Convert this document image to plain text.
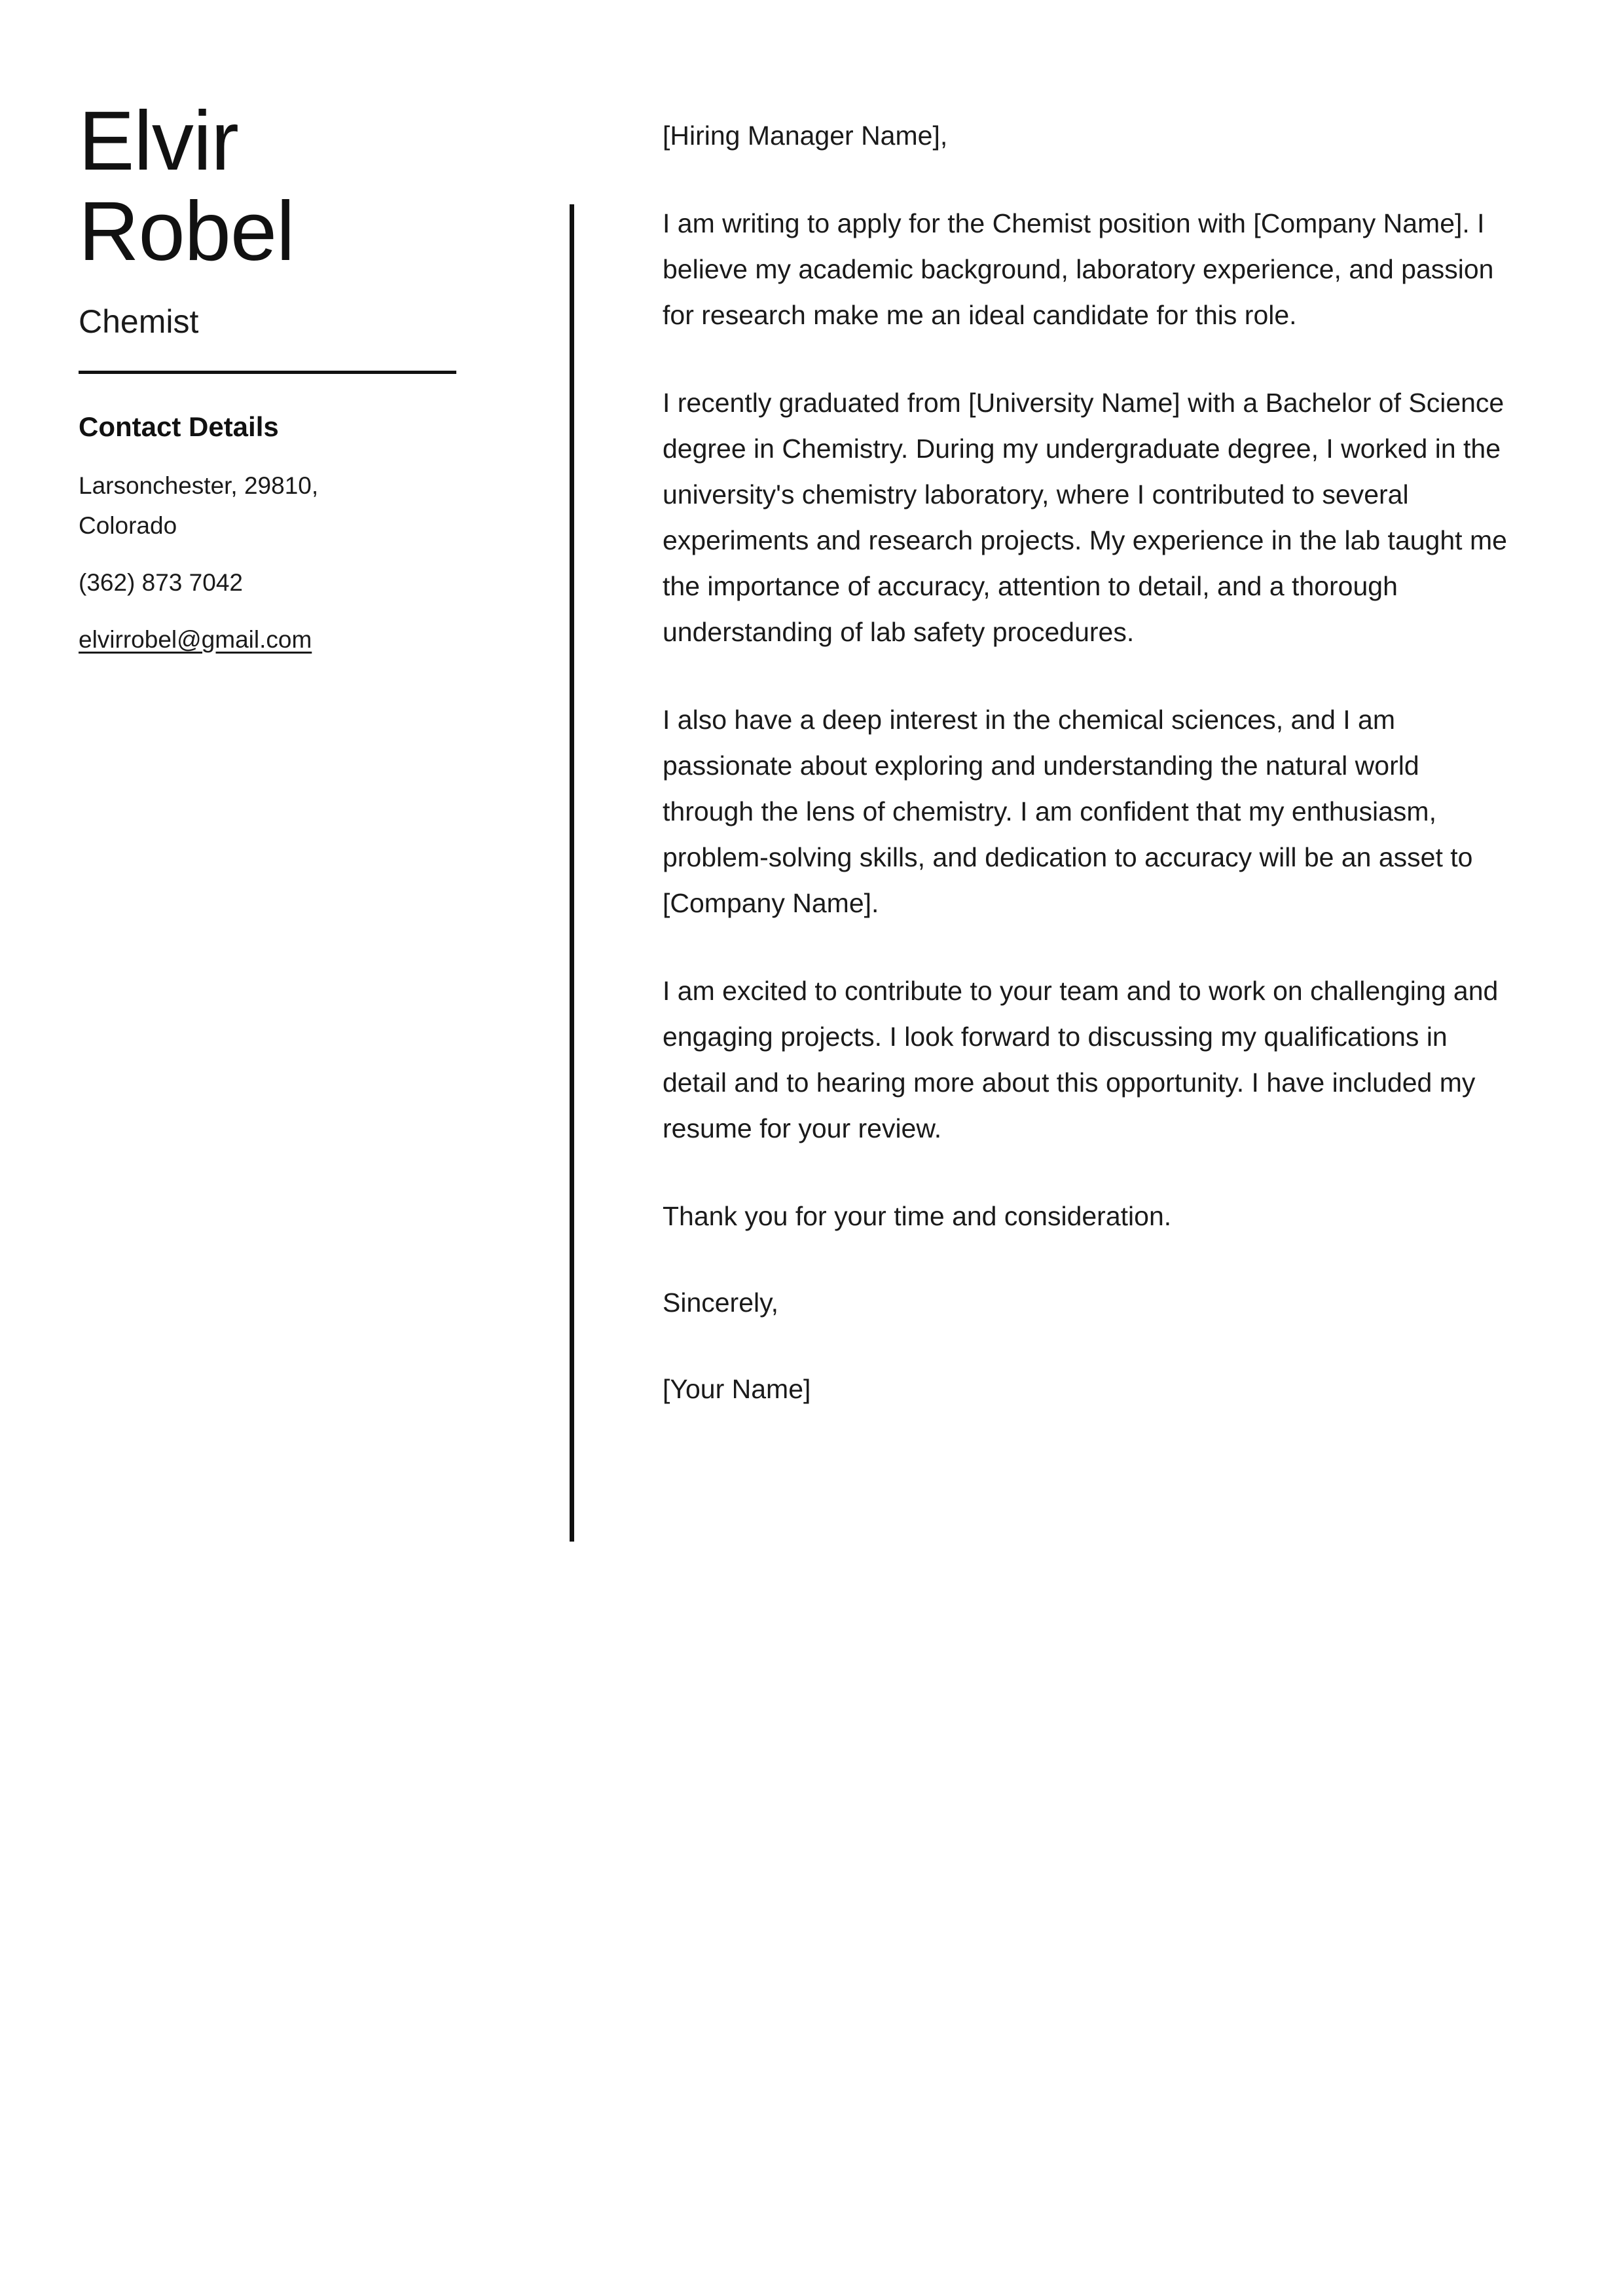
Elvir
Robel
Chemist
Contact Details
Larsonchester, 29810, Colorado
(362) 873 7042
elvirrobel@gmail.com

[Hiring Manager Name],

I am writing to apply for the Chemist position with [Company Name]. I believe my academic background, laboratory experience, and passion for research make me an ideal candidate for this role.

I recently graduated from [University Name] with a Bachelor of Science degree in Chemistry. During my undergraduate degree, I worked in the university's chemistry laboratory, where I contributed to several experiments and research projects. My experience in the lab taught me the importance of accuracy, attention to detail, and a thorough understanding of lab safety procedures.

I also have a deep interest in the chemical sciences, and I am passionate about exploring and understanding the natural world through the lens of chemistry. I am confident that my enthusiasm, problem-solving skills, and dedication to accuracy will be an asset to [Company Name].

I am excited to contribute to your team and to work on challenging and engaging projects. I look forward to discussing my qualifications in detail and to hearing more about this opportunity. I have included my resume for your review.

Thank you for your time and consideration.

Sincerely,

[Your Name]
